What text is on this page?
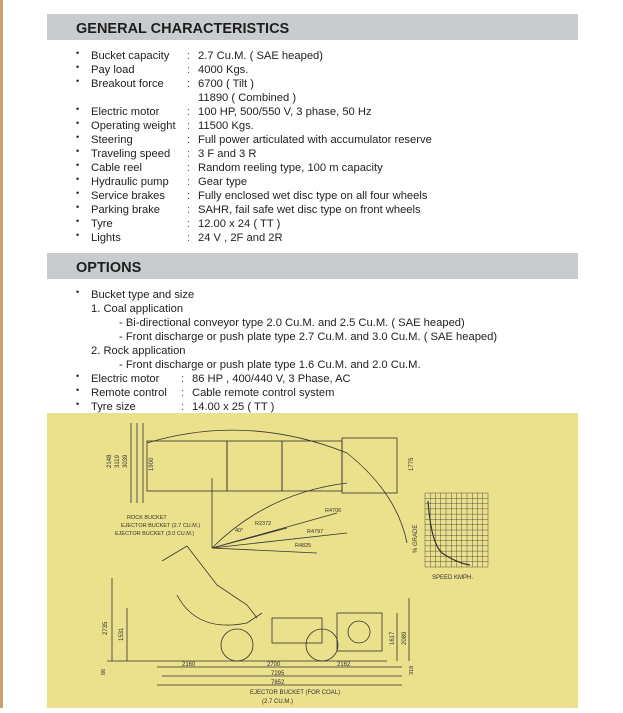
GENERAL CHARACTERISTICS
•	Bucket capacity	: 2.7 Cu.M. ( SAE heaped)
•	Pay load	: 4000 Kgs.
•	Breakout force	: 6700 ( Tilt )
11890 ( Combined )
•	Electric motor	: 100 HP, 500/550 V, 3 phase, 50 Hz
•	Operating weight	: 11500 Kgs.
•	Steering	: Full power articulated with accumulator reserve
•	Traveling speed	: 3 F and 3 R
•	Cable reel	: Random reeling type, 100 m capacity
•	Hydraulic pump	: Gear type
•	Service brakes	: Fully enclosed wet disc type on all four wheels
•	Parking brake	: SAHR, fail safe wet disc type on front wheels
•	Tyre	: 12.00 x 24 ( TT )
•	Lights	: 24 V , 2F and 2R
OPTIONS
•	Bucket type and size
1. Coal application
- Bi-directional conveyor type 2.0 Cu.M. and 2.5 Cu.M. ( SAE heaped)
- Front discharge or push plate type 2.7 Cu.M. and 3.0 Cu.M. ( SAE heaped)
2. Rock application
- Front discharge or push plate type 1.6 Cu.M. and 2.0 Cu.M.
•	Electric motor	: 86 HP , 400/440 V, 3 Phase, AC
•	Remote control	: Cable remote control system
•	Tyre size	: 14.00 x 25 ( TT )
2148 3119 3039	1900	1775
ROCK BUCKET
EJECTOR BUCKET (2.7 CU.M.)
EJECTOR BUCKET (3.0 CU.M.)
R4706
R2372
R4797
R4825
40°
2735 1531	1617 2089
2160	2700	2162
7295
7852
318
86
EJECTOR BUCKET (FOR COAL)
(2.7 CU.M.)
% GRADE
SPEED KMPH.
